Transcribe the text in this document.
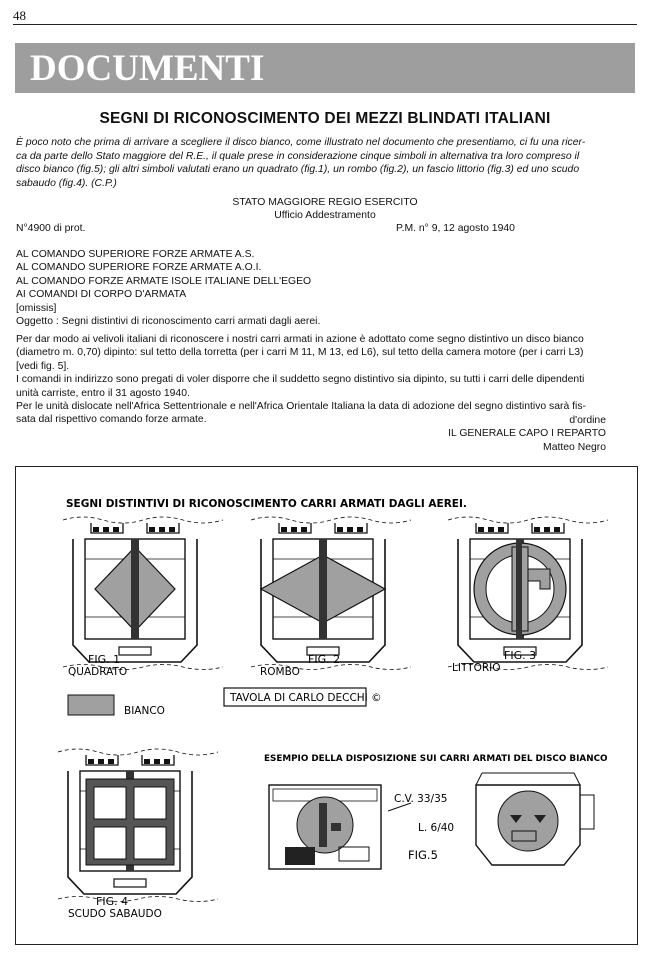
48
DOCUMENTI
SEGNI DI RICONOSCIMENTO DEI MEZZI BLINDATI ITALIANI
È poco noto che prima di arrivare a scegliere il disco bianco, come illustrato nel documento che presentiamo, ci fu una ricer-
ca da parte dello Stato maggiore del R.E., il quale prese in considerazione cinque simboli in alternativa tra loro compreso il
disco bianco (fig.5); gli altri simboli valutati erano un quadrato (fig.1), un rombo (fig.2), un fascio littorio (fig.3) ed uno scudo
sabaudo (fig.4). (C.P.)
STATO MAGGIORE REGIO ESERCITO
Ufficio Addestramento
N°4900 di prot.	P.M. n° 9, 12 agosto 1940
AL COMANDO SUPERIORE FORZE ARMATE A.S.
AL COMANDO SUPERIORE FORZE ARMATE A.O.I.
AL COMANDO FORZE ARMATE ISOLE ITALIANE DELL'EGEO
AI COMANDI DI CORPO D'ARMATA
[omissis]
Oggetto : Segni distintivi di riconoscimento carri armati dagli aerei.
Per dar modo ai velivoli italiani di riconoscere i nostri carri armati in azione è adottato come segno distintivo un disco bianco
(diametro m. 0,70) dipinto: sul tetto della torretta (per i carri M 11, M 13, ed L6), sul tetto della camera motore (per i carri L3)
[vedi fig. 5].
I comandi in indirizzo sono pregati di voler disporre che il suddetto segno distintivo sia dipinto, su tutti i carri delle dipendenti
unità carriste, entro il 31 agosto 1940.
Per le unità dislocate nell'Africa Settentrionale e nell'Africa Orientale Italiana la data di adozione del segno distintivo sarà fis-
sata dal rispettivo comando forze armate.	d'ordine
IL GENERALE CAPO I REPARTO
Matteo Negro
SEGNI DISTINTIVI DI RICONOSCIMENTO CARRI ARMATI DAGLI AEREI.
FIG. 1
QUADRATO
FIG. 2
ROMBO
FIG. 3
LITTORIO
BIANCO
TAVOLA DI CARLO DECCHI ©
FIG. 4
SCUDO SABAUDO
ESEMPIO DELLA DISPOSIZIONE SUI CARRI ARMATI DEL DISCO BIANCO
C.V. 33/35
L. 6/40
FIG.5
